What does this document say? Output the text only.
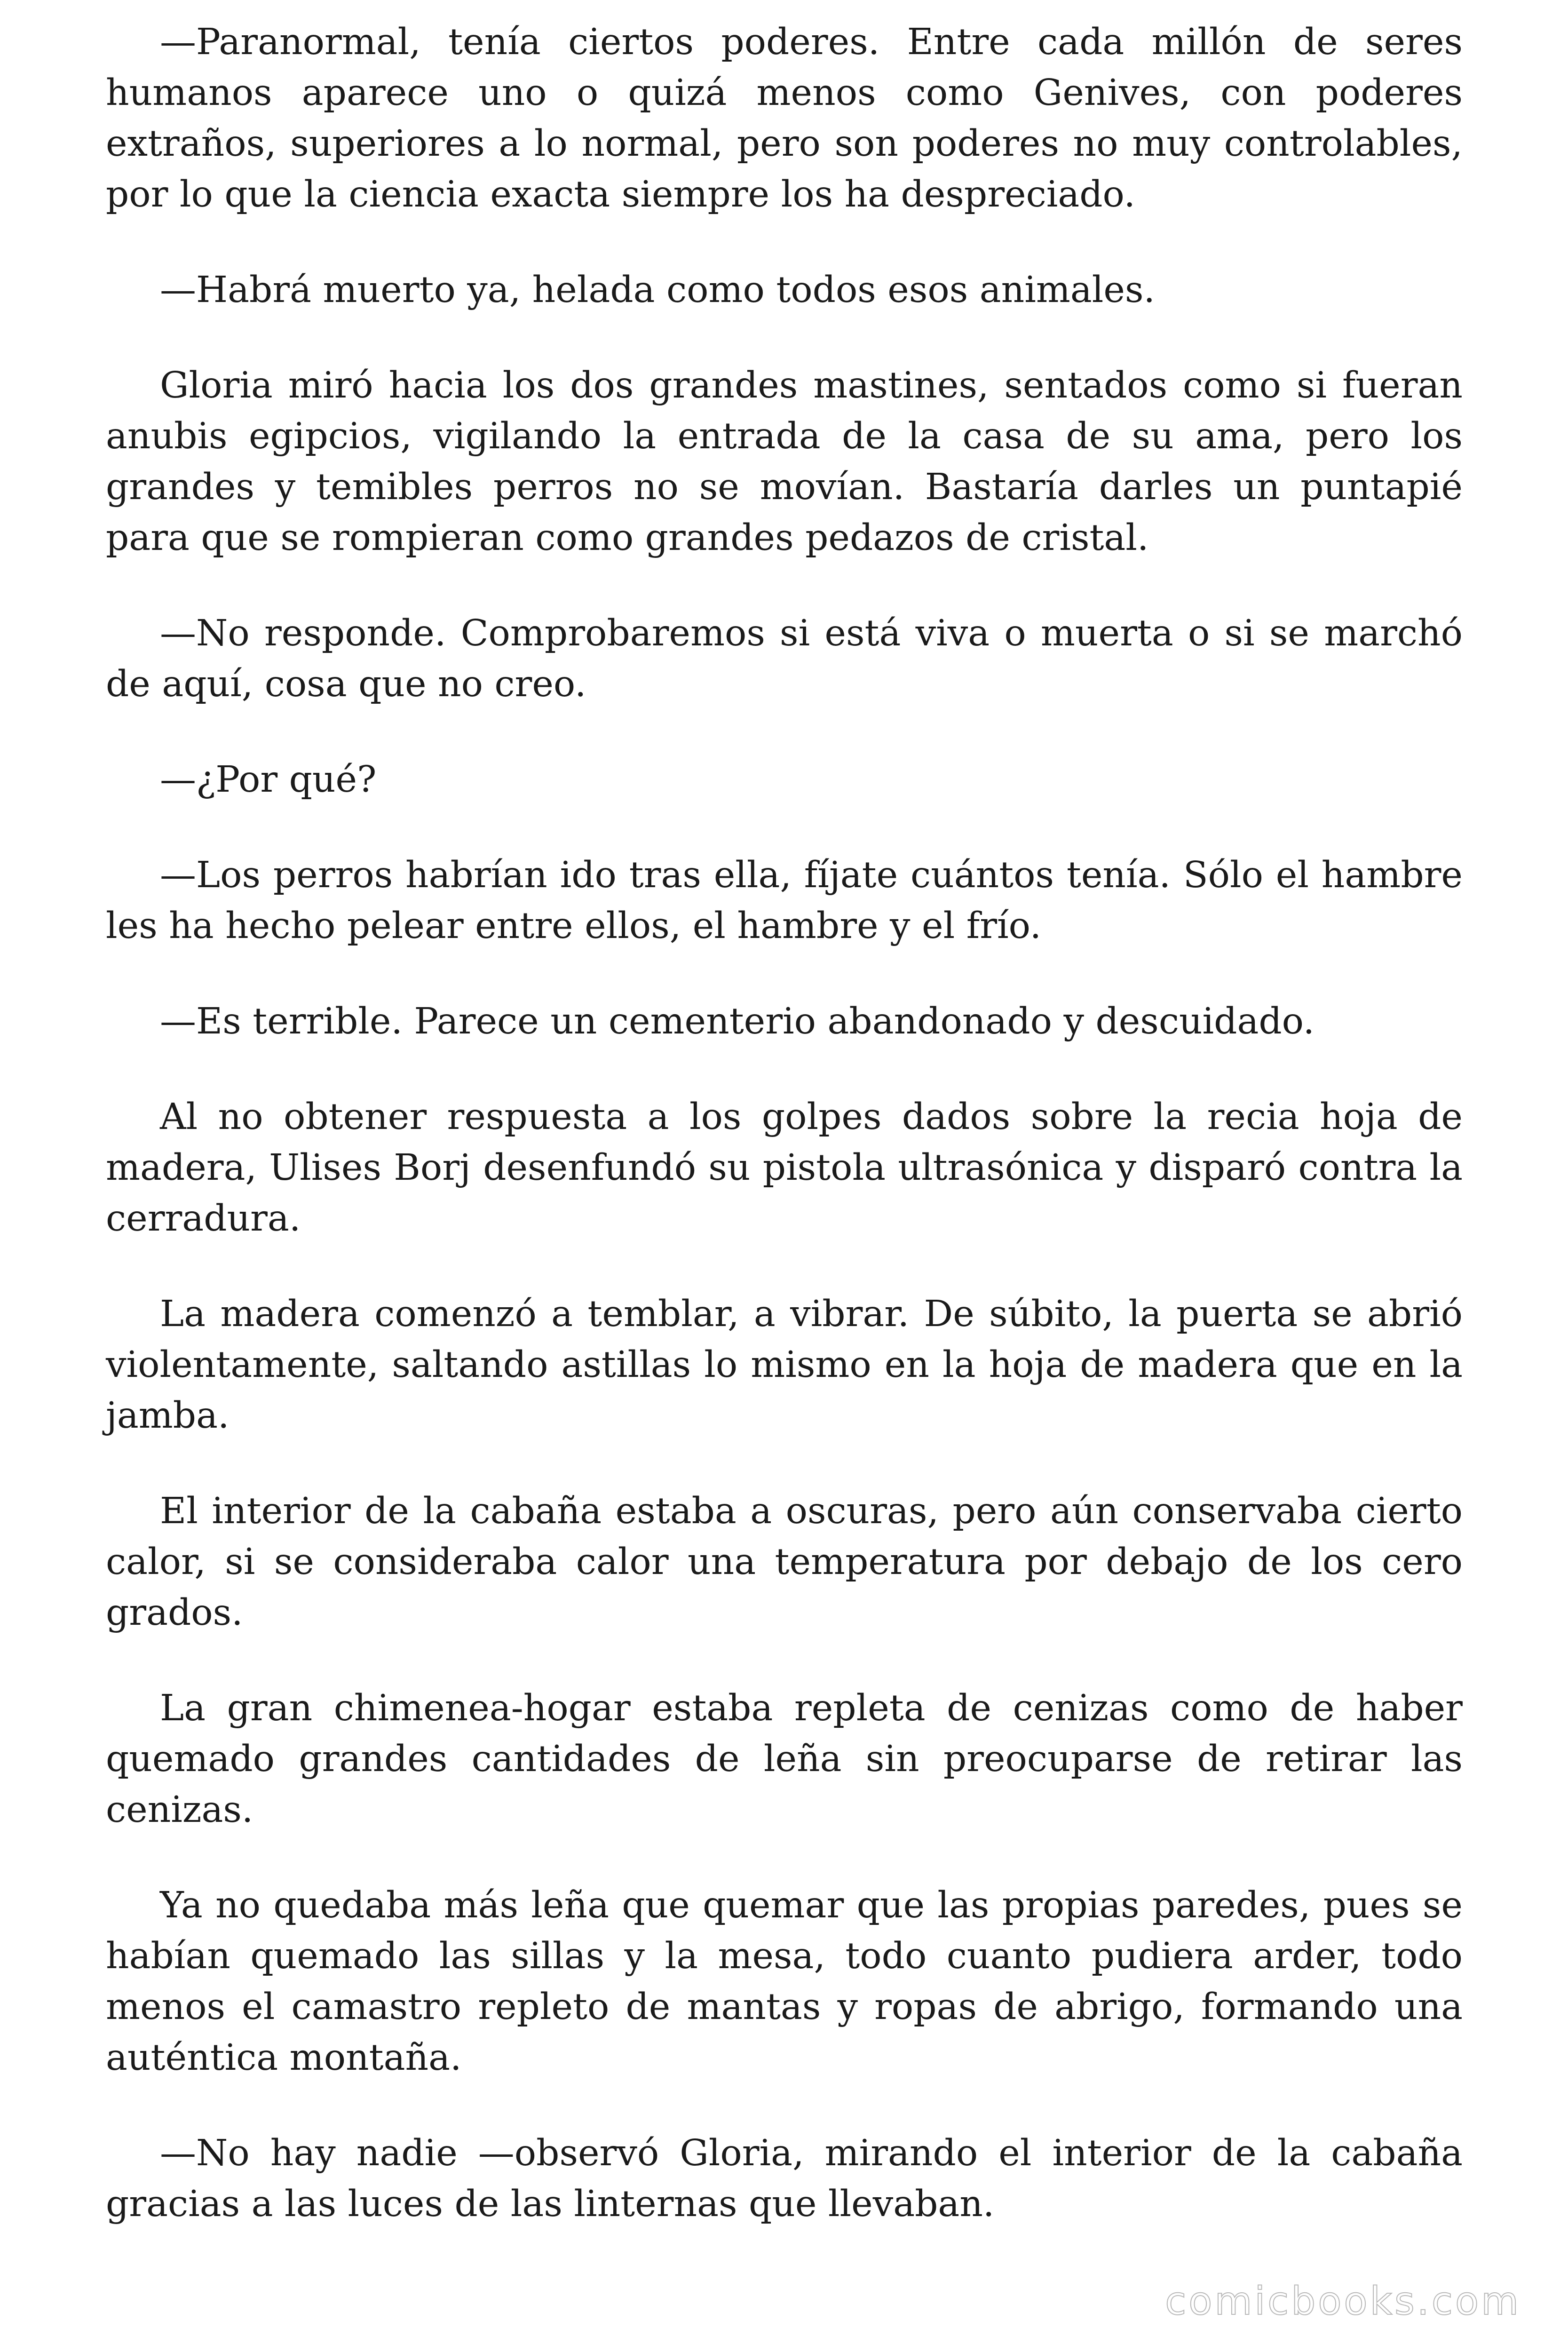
—Paranormal, tenía ciertos poderes. Entre cada millón de seres humanos aparece uno o quizá menos como Genives, con poderes extraños, superiores a lo normal, pero son poderes no muy controlables, por lo que la ciencia exacta siempre los ha despreciado.

—Habrá muerto ya, helada como todos esos animales.

Gloria miró hacia los dos grandes mastines, sentados como si fueran anubis egipcios, vigilando la entrada de la casa de su ama, pero los grandes y temibles perros no se movían. Bastaría darles un puntapié para que se rompieran como grandes pedazos de cristal.

—No responde. Comprobaremos si está viva o muerta o si se marchó de aquí, cosa que no creo.

—¿Por qué?

—Los perros habrían ido tras ella, fíjate cuántos tenía. Sólo el hambre les ha hecho pelear entre ellos, el hambre y el frío.

—Es terrible. Parece un cementerio abandonado y descuidado.

Al no obtener respuesta a los golpes dados sobre la recia hoja de madera, Ulises Borj desenfundó su pistola ultrasónica y disparó contra la cerradura.

La madera comenzó a temblar, a vibrar. De súbito, la puerta se abrió violentamente, saltando astillas lo mismo en la hoja de madera que en la jamba.

El interior de la cabaña estaba a oscuras, pero aún conservaba cierto calor, si se consideraba calor una temperatura por debajo de los cero grados.

La gran chimenea-hogar estaba repleta de cenizas como de haber quemado grandes cantidades de leña sin preocuparse de retirar las cenizas.

Ya no quedaba más leña que quemar que las propias paredes, pues se habían quemado las sillas y la mesa, todo cuanto pudiera arder, todo menos el camastro repleto de mantas y ropas de abrigo, formando una auténtica montaña.

—No hay nadie —observó Gloria, mirando el interior de la cabaña gracias a las luces de las linternas que llevaban.

comicbooks.com
